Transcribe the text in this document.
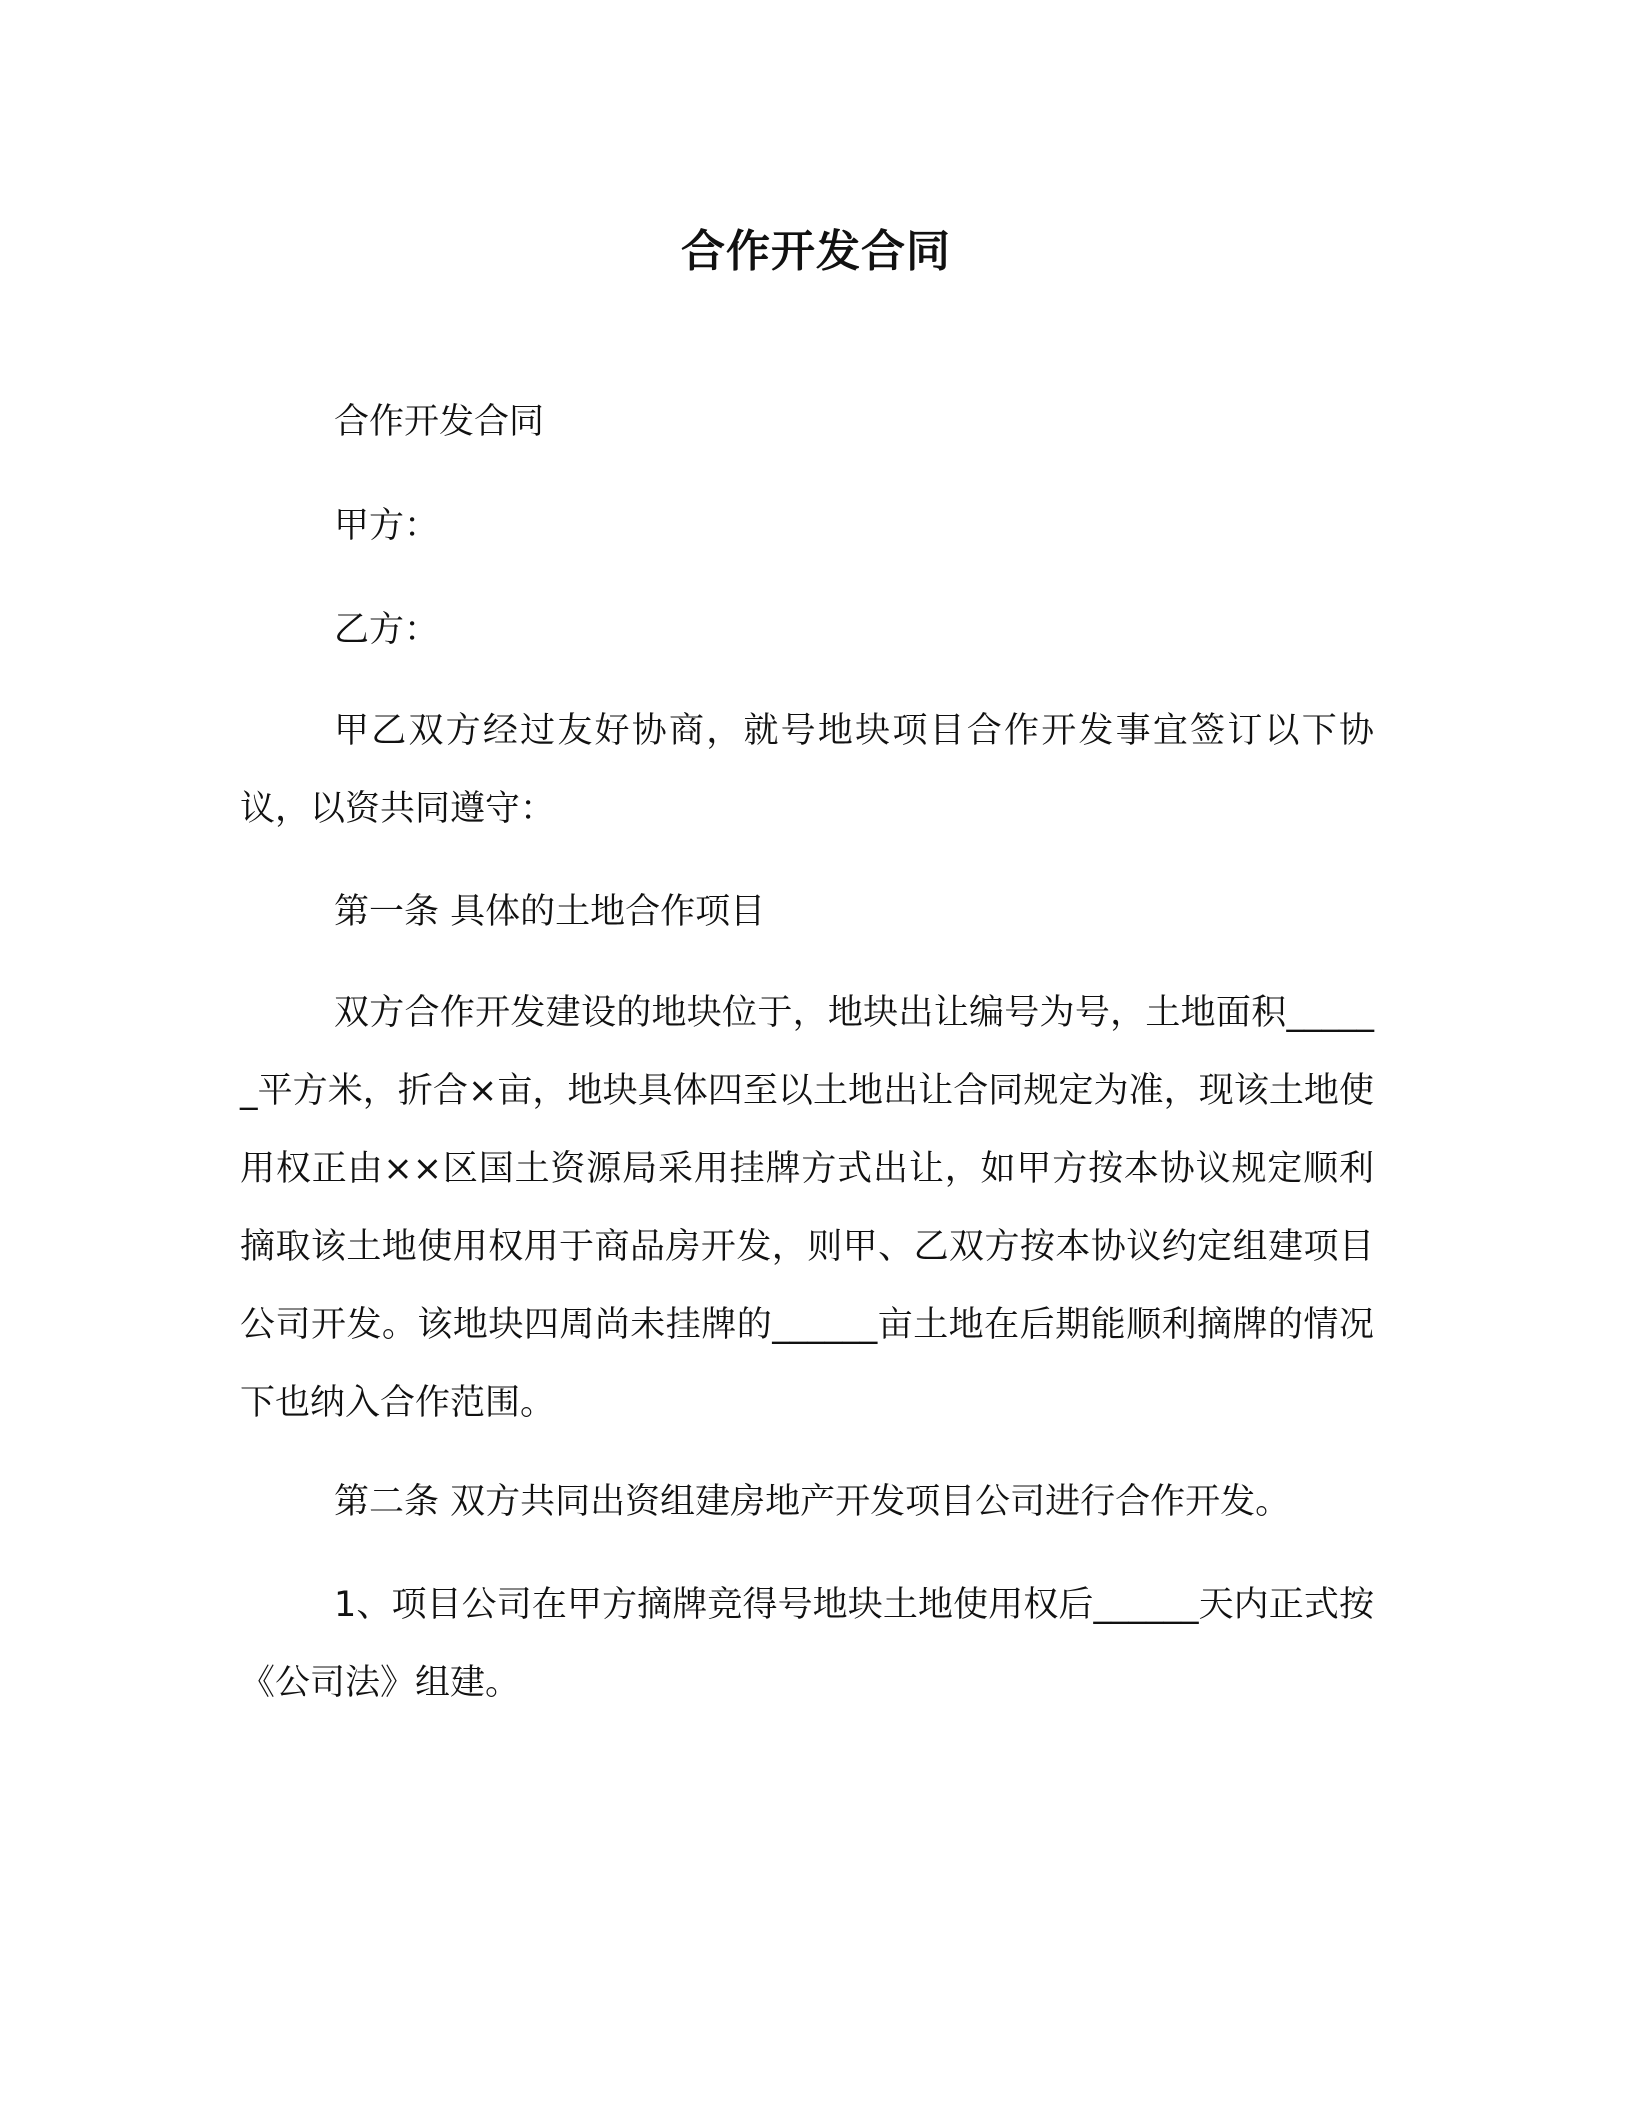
合作开发合同
合作开发合同
甲方：
乙方：

甲乙双方经过友好协商，就号地块项目合作开发事宜签订以下协议，以资共同遵守：

第一条 具体的土地合作项目

双方合作开发建设的地块位于，地块出让编号为号，土地面积______平方米，折合×亩，地块具体四至以土地出让合同规定为准，现该土地使用权正由××区国土资源局采用挂牌方式出让，如甲方按本协议规定顺利摘取该土地使用权用于商品房开发，则甲、乙双方按本协议约定组建项目公司开发。该地块四周尚未挂牌的______亩土地在后期能顺利摘牌的情况下也纳入合作范围。

第二条 双方共同出资组建房地产开发项目公司进行合作开发。

1、项目公司在甲方摘牌竞得号地块土地使用权后______天内正式按《公司法》组建。
